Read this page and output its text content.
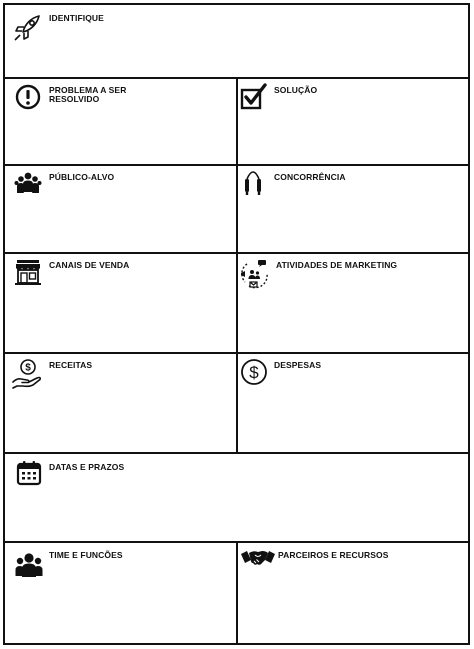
IDENTIFIQUE
PROBLEMA A SER
RESOLVIDO
SOLUÇÃO
PÚBLICO-ALVO	CONCORRÊNCIA
CANAIS DE VENDA	ATIVIDADES DE MARKETING
$ RECEITAS	$ DESPESAS
DATAS E PRAZOS
TIME E FUNCÕES	PARCEIROS E RECURSOS
